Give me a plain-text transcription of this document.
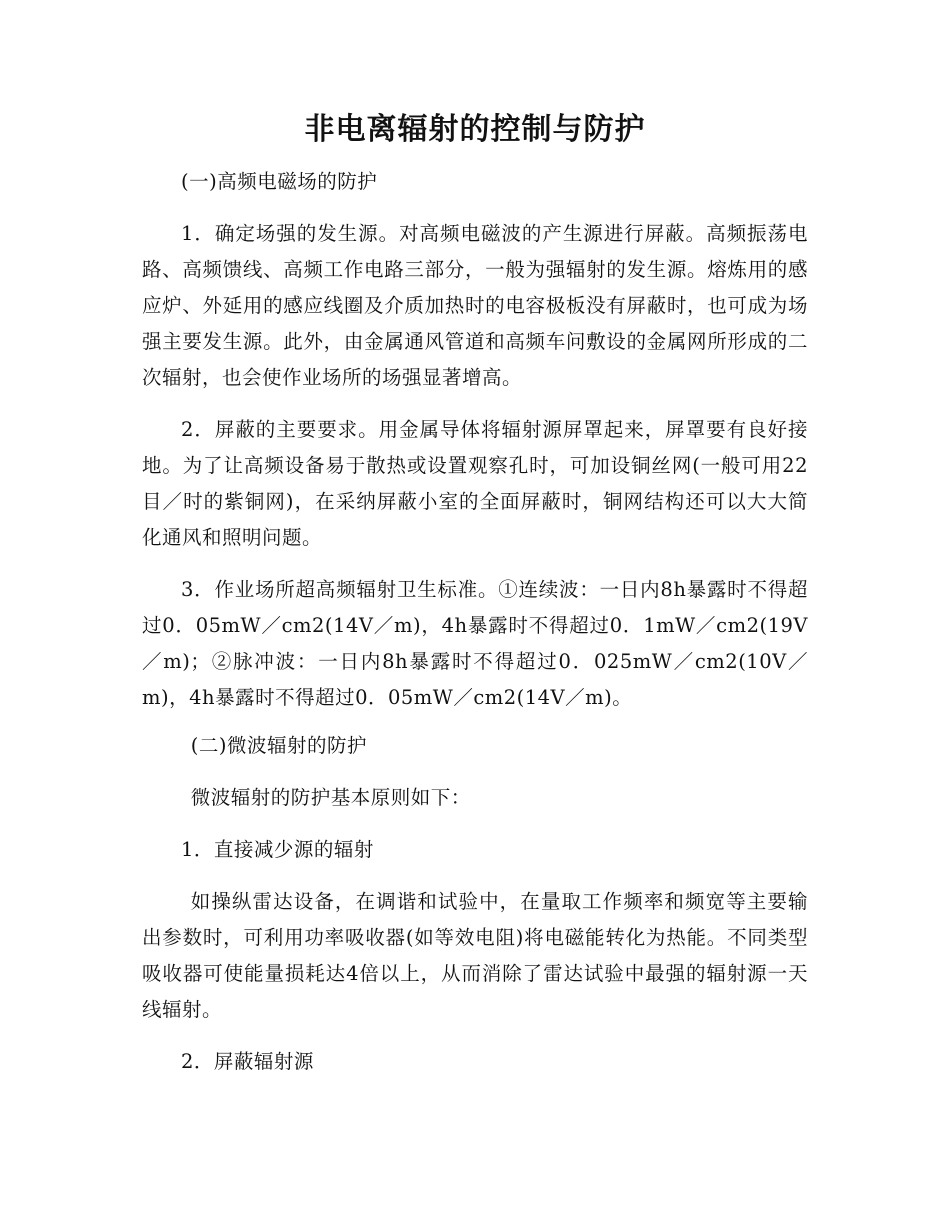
非电离辐射的控制与防护

(一)高频电磁场的防护

1．确定场强的发生源。对高频电磁波的产生源进行屏蔽。高频振荡电路、高频馈线、高频工作电路三部分，一般为强辐射的发生源。熔炼用的感应炉、外延用的感应线圈及介质加热时的电容极板没有屏蔽时，也可成为场强主要发生源。此外，由金属通风管道和高频车问敷设的金属网所形成的二次辐射，也会使作业场所的场强显著增高。

2．屏蔽的主要要求。用金属导体将辐射源屏罩起来，屏罩要有良好接地。为了让高频设备易于散热或设置观察孔时，可加设铜丝网(一般可用22目／时的紫铜网)，在采纳屏蔽小室的全面屏蔽时，铜网结构还可以大大简化通风和照明问题。

3．作业场所超高频辐射卫生标准。①连续波：一日内8h暴露时不得超过0．05mW／cm2(14V／m)，4h暴露时不得超过0．1mW／cm2(19V／m)；②脉冲波：一日内8h暴露时不得超过0．025mW／cm2(10V／m)，4h暴露时不得超过0．05mW／cm2(14V／m)。

(二)微波辐射的防护

微波辐射的防护基本原则如下：

1．直接减少源的辐射

如操纵雷达设备，在调谐和试验中，在量取工作频率和频宽等主要输出参数时，可利用功率吸收器(如等效电阻)将电磁能转化为热能。不同类型吸收器可使能量损耗达4倍以上，从而消除了雷达试验中最强的辐射源一天线辐射。

2．屏蔽辐射源
